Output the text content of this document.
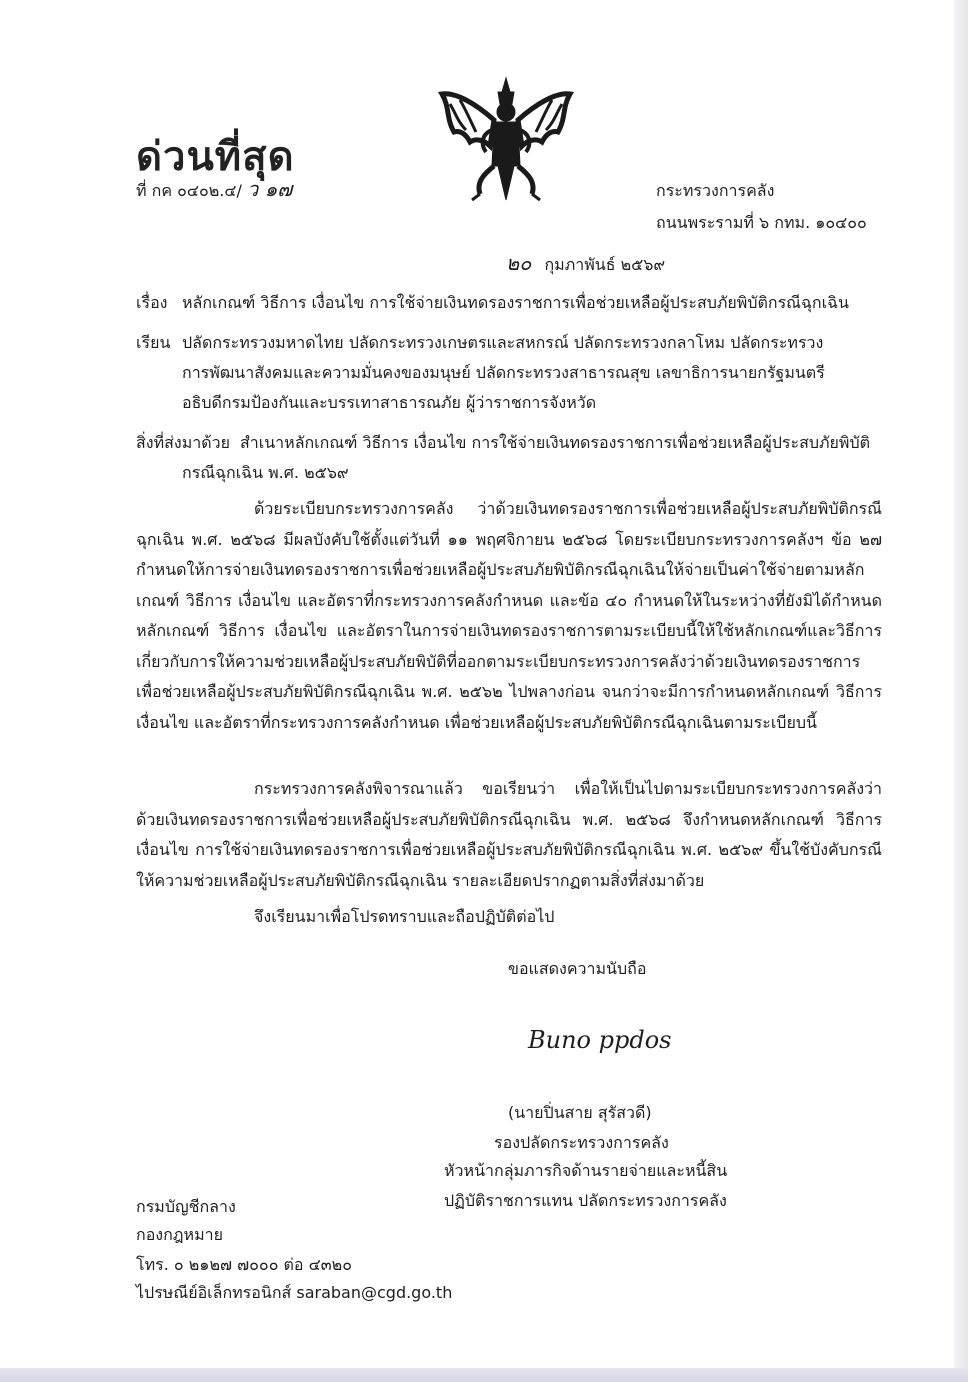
ด่วนที่สุด
ที่ กค ๐๔๐๒.๔/ ว ๑๗	กระทรวงการคลัง
ถนนพระรามที่ ๖ กทม. ๑๐๔๐๐
๒๐ กุมภาพันธ์ ๒๕๖๙
เรื่อง หลักเกณฑ์ วิธีการ เงื่อนไข การใช้จ่ายเงินทดรองราชการเพื่อช่วยเหลือผู้ประสบภัยพิบัติกรณีฉุกเฉิน
เรียน ปลัดกระทรวงมหาดไทย ปลัดกระทรวงเกษตรและสหกรณ์ ปลัดกระทรวงกลาโหม ปลัดกระทรวง
การพัฒนาสังคมและความมั่นคงของมนุษย์ ปลัดกระทรวงสาธารณสุข เลขาธิการนายกรัฐมนตรี
อธิบดีกรมป้องกันและบรรเทาสาธารณภัย ผู้ว่าราชการจังหวัด
สิ่งที่ส่งมาด้วย สำเนาหลักเกณฑ์ วิธีการ เงื่อนไข การใช้จ่ายเงินทดรองราชการเพื่อช่วยเหลือผู้ประสบภัยพิบัติ
กรณีฉุกเฉิน พ.ศ. ๒๕๖๙
ด้วยระเบียบกระทรวงการคลัง ว่าด้วยเงินทดรองราชการเพื่อช่วยเหลือผู้ประสบภัยพิบัติกรณีฉุกเฉิน พ.ศ. ๒๕๖๘ มีผลบังคับใช้ตั้งแต่วันที่ ๑๑ พฤศจิกายน ๒๕๖๘ โดยระเบียบกระทรวงการคลังฯ ข้อ ๒๗ กำหนดให้การจ่ายเงินทดรองราชการเพื่อช่วยเหลือผู้ประสบภัยพิบัติกรณีฉุกเฉินให้จ่ายเป็นค่าใช้จ่ายตามหลักเกณฑ์ วิธีการ เงื่อนไข และอัตราที่กระทรวงการคลังกำหนด และข้อ ๔๐ กำหนดให้ในระหว่างที่ยังมิได้กำหนดหลักเกณฑ์ วิธีการ เงื่อนไข และอัตราในการจ่ายเงินทดรองราชการตามระเบียบนี้ให้ใช้หลักเกณฑ์และวิธีการเกี่ยวกับการให้ความช่วยเหลือผู้ประสบภัยพิบัติที่ออกตามระเบียบกระทรวงการคลังว่าด้วยเงินทดรองราชการเพื่อช่วยเหลือผู้ประสบภัยพิบัติกรณีฉุกเฉิน พ.ศ. ๒๕๖๒ ไปพลางก่อน จนกว่าจะมีการกำหนดหลักเกณฑ์ วิธีการ เงื่อนไข และอัตราที่กระทรวงการคลังกำหนด เพื่อช่วยเหลือผู้ประสบภัยพิบัติกรณีฉุกเฉินตามระเบียบนี้
กระทรวงการคลังพิจารณาแล้ว ขอเรียนว่า เพื่อให้เป็นไปตามระเบียบกระทรวงการคลังว่าด้วยเงินทดรองราชการเพื่อช่วยเหลือผู้ประสบภัยพิบัติกรณีฉุกเฉิน พ.ศ. ๒๕๖๘ จึงกำหนดหลักเกณฑ์ วิธีการเงื่อนไข การใช้จ่ายเงินทดรองราชการเพื่อช่วยเหลือผู้ประสบภัยพิบัติกรณีฉุกเฉิน พ.ศ. ๒๕๖๙ ขึ้นใช้บังคับกรณีให้ความช่วยเหลือผู้ประสบภัยพิบัติกรณีฉุกเฉิน รายละเอียดปรากฏตามสิ่งที่ส่งมาด้วย
จึงเรียนมาเพื่อโปรดทราบและถือปฏิบัติต่อไป
ขอแสดงความนับถือ
Buno ppdos
(นายปิ่นสาย สุรัสวดี)
รองปลัดกระทรวงการคลัง
หัวหน้ากลุ่มภารกิจด้านรายจ่ายและหนี้สิน
ปฏิบัติราชการแทน ปลัดกระทรวงการคลัง
กรมบัญชีกลาง
กองกฎหมาย
โทร. ๐ ๒๑๒๗ ๗๐๐๐ ต่อ ๔๓๒๐
ไปรษณีย์อิเล็กทรอนิกส์ saraban@cgd.go.th
